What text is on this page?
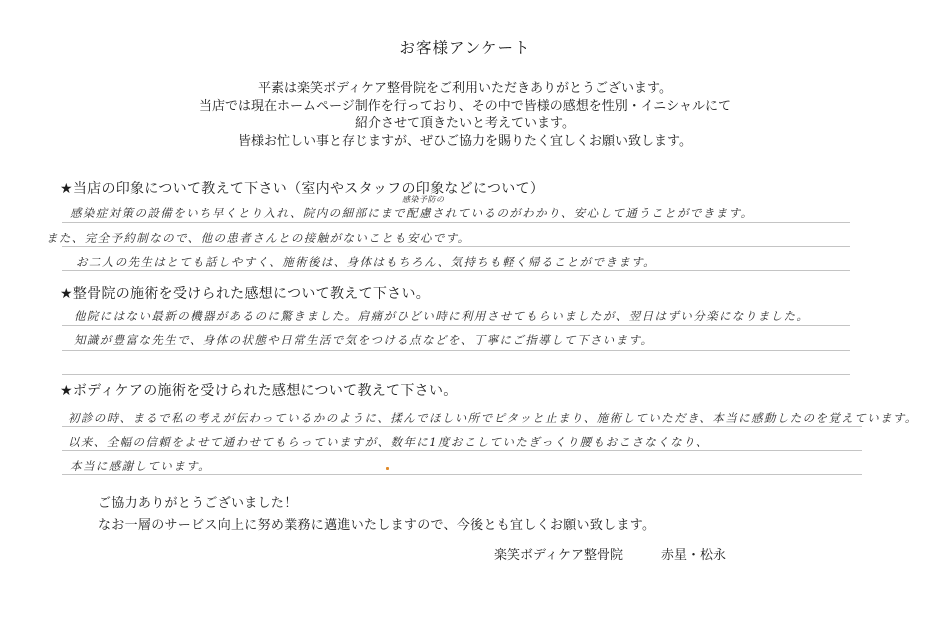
お客様アンケート
平素は楽笑ボディケア整骨院をご利用いただきありがとうございます。
当店では現在ホームページ制作を行っており、その中で皆様の感想を性別・イニシャルにて
紹介させて頂きたいと考えています。
皆様お忙しい事と存じますが、ぜひご協力を賜りたく宜しくお願い致します。
★当店の印象について教えて下さい（室内やスタッフの印象などについて）
感染予防の
感染症対策の設備をいち早くとり入れ、院内の細部にまで配慮されているのがわかり、安心して通うことができます。
また、完全予約制なので、他の患者さんとの接触がないことも安心です。
お二人の先生はとても話しやすく、施術後は、身体はもちろん、気持ちも軽く帰ることができます。
★整骨院の施術を受けられた感想について教えて下さい。
他院にはない最新の機器があるのに驚きました。肩痛がひどい時に利用させてもらいましたが、翌日はずい分楽になりました。
知識が豊富な先生で、身体の状態や日常生活で気をつける点などを、丁寧にご指導して下さいます。
★ボディケアの施術を受けられた感想について教えて下さい。
初診の時、まるで私の考えが伝わっているかのように、揉んでほしい所でピタッと止まり、施術していただき、本当に感動したのを覚えています。
以来、全幅の信頼をよせて通わせてもらっていますが、数年に1度おこしていたぎっくり腰もおこさなくなり、
本当に感謝しています。
ご協力ありがとうございました！
なお一層のサービス向上に努め業務に邁進いたしますので、今後とも宜しくお願い致します。
楽笑ボディケア整骨院	赤星・松永
